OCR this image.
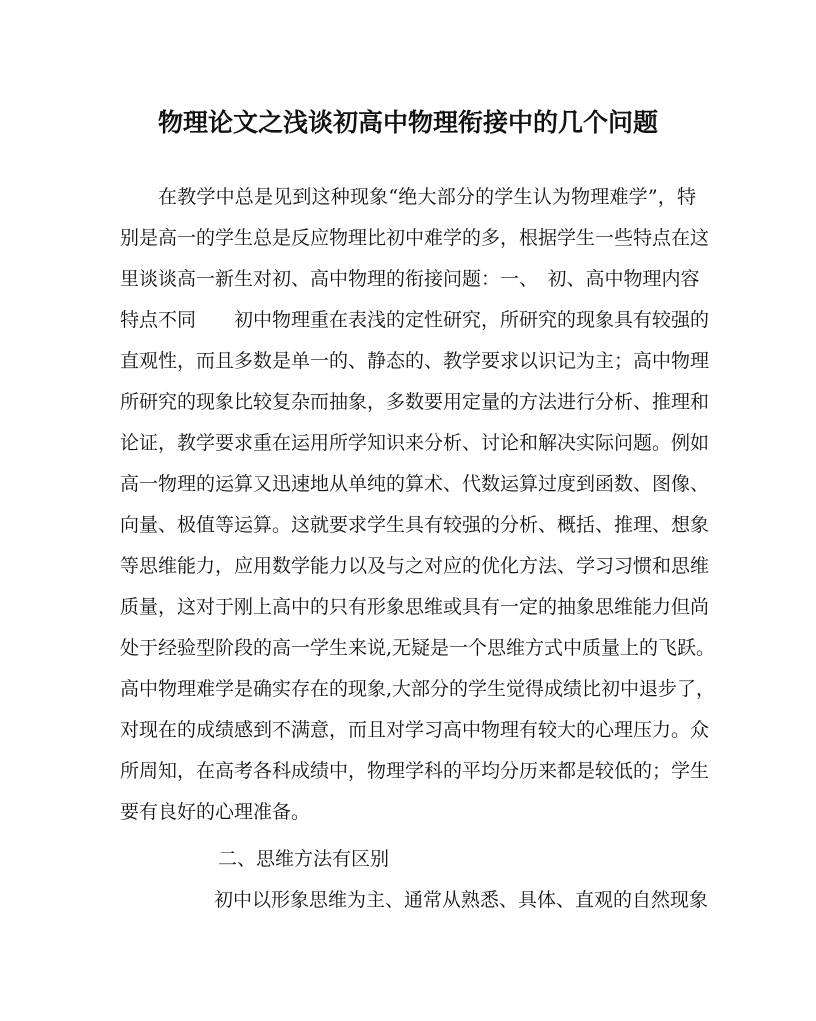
物理论文之浅谈初高中物理衔接中的几个问题
在教学中总是见到这种现象“绝大部分的学生认为物理难学”，特
别是高一的学生总是反应物理比初中难学的多，根据学生一些特点在这
里谈谈高一新生对初、高中物理的衔接问题：一、　初、高中物理内容
特点不同　　初中物理重在表浅的定性研究，所研究的现象具有较强的
直观性，而且多数是单一的、静态的、教学要求以识记为主；高中物理
所研究的现象比较复杂而抽象，多数要用定量的方法进行分析、推理和
论证，教学要求重在运用所学知识来分析、讨论和解决实际问题。例如
高一物理的运算又迅速地从单纯的算术、代数运算过度到函数、图像、
向量、极值等运算。这就要求学生具有较强的分析、概括、推理、想象
等思维能力，应用数学能力以及与之对应的优化方法、学习习惯和思维
质量，这对于刚上高中的只有形象思维或具有一定的抽象思维能力但尚
处于经验型阶段的高一学生来说,无疑是一个思维方式中质量上的飞跃。
高中物理难学是确实存在的现象,大部分的学生觉得成绩比初中退步了，
对现在的成绩感到不满意，而且对学习高中物理有较大的心理压力。众
所周知，在高考各科成绩中，物理学科的平均分历来都是较低的；学生
要有良好的心理准备。
二、思维方法有区别
初中以形象思维为主、通常从熟悉、具体、直观的自然现象
